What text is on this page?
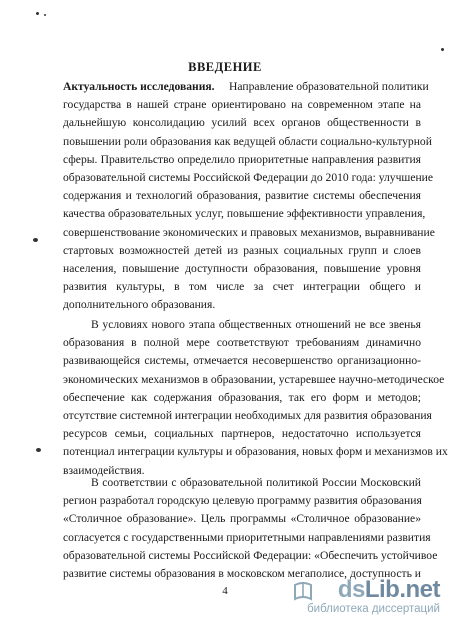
ВВЕДЕНИЕ
Актуальность исследования.     Направление образовательной политики
государства в нашей стране ориентировано на современном этапе на
дальнейшую консолидацию усилий всех органов общественности в
повышении роли образования как ведущей области социально-культурной
сферы. Правительство определило приоритетные направления развития
образовательной системы Российской Федерации до 2010 года: улучшение
содержания и технологий образования, развитие системы обеспечения
качества образовательных услуг, повышение эффективности управления,
совершенствование экономических и правовых механизмов, выравнивание
стартовых возможностей детей из разных социальных групп и слоев
населения, повышение доступности образования, повышение уровня
развития культуры, в том числе за счет интеграции общего и
дополнительного образования.
В условиях нового этапа общественных отношений не все звенья
образования в полной мере соответствуют требованиям динамично
развивающейся системы, отмечается несовершенство организационно-
экономических механизмов в образовании, устаревшее научно-методическое
обеспечение как содержания образования, так его форм и методов;
отсутствие системной интеграции необходимых для развития образования
ресурсов семьи, социальных партнеров, недостаточно используется
потенциал интеграции культуры и образования, новых форм и механизмов их
взаимодействия.
В соответствии с образовательной политикой России Московский
регион разработал городскую целевую программу развития образования
«Столичное образование». Цель программы «Столичное образование»
согласуется с государственными приоритетными направлениями развития
образовательной системы Российской Федерации: «Обеспечить устойчивое
развитие системы образования в московском мегаполисе, доступность и
4	dsLib.net
библиотека диссертаций
